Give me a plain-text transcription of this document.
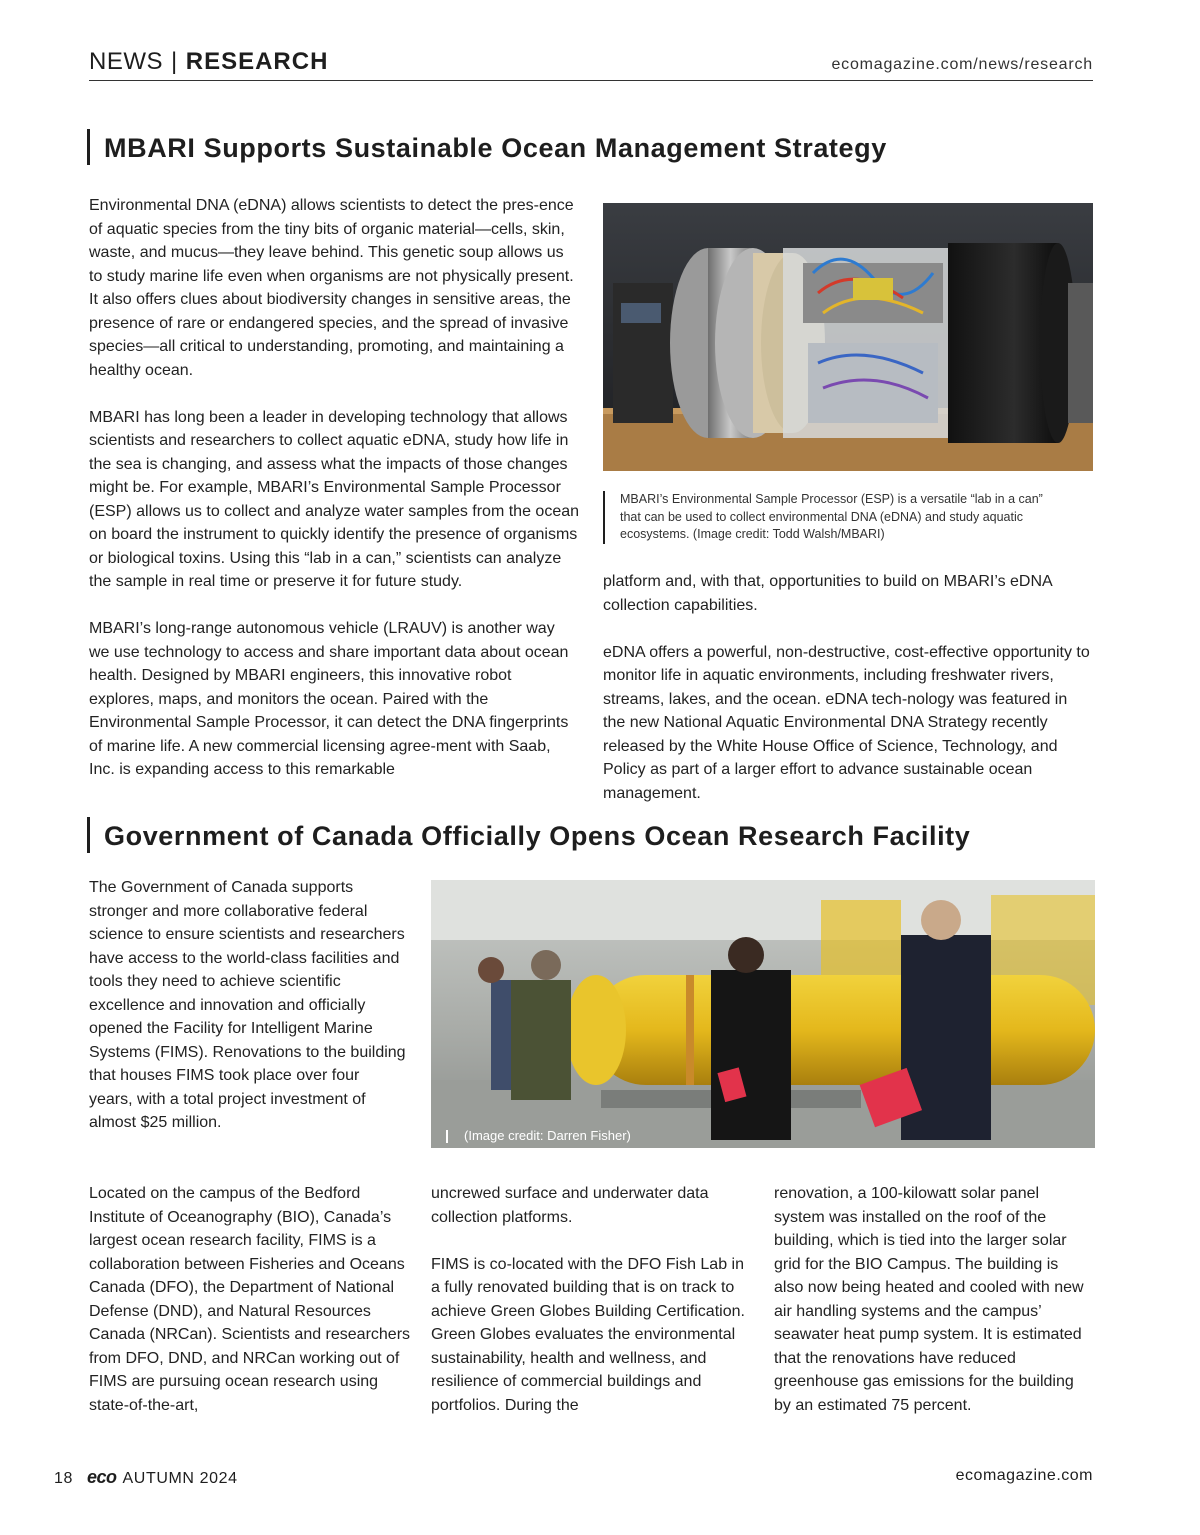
NEWS | RESEARCH	ecomagazine.com/news/research
MBARI Supports Sustainable Ocean Management Strategy

Environmental DNA (eDNA) allows scientists to detect the pres-ence of aquatic species from the tiny bits of organic material—cells, skin, waste, and mucus—they leave behind. This genetic soup allows us to study marine life even when organisms are not physically present. It also offers clues about biodiversity changes in sensitive areas, the presence of rare or endangered species, and the spread of invasive species—all critical to understanding, promoting, and maintaining a healthy ocean.

MBARI has long been a leader in developing technology that allows scientists and researchers to collect aquatic eDNA, study how life in the sea is changing, and assess what the impacts of those changes might be. For example, MBARI’s Environmental Sample Processor (ESP) allows us to collect and analyze water samples from the ocean on board the instrument to quickly identify the presence of organisms or biological toxins. Using this “lab in a can,” scientists can analyze the sample in real time or preserve it for future study.

MBARI’s long-range autonomous vehicle (LRAUV) is another way we use technology to access and share important data about ocean health. Designed by MBARI engineers, this innovative robot explores, maps, and monitors the ocean. Paired with the Environmental Sample Processor, it can detect the DNA fingerprints of marine life. A new commercial licensing agree-ment with Saab, Inc. is expanding access to this remarkable

MBARI’s Environmental Sample Processor (ESP) is a versatile “lab in a can” that can be used to collect environmental DNA (eDNA) and study aquatic ecosystems. (Image credit: Todd Walsh/MBARI)

platform and, with that, opportunities to build on MBARI’s eDNA collection capabilities.

eDNA offers a powerful, non-destructive, cost-effective opportunity to monitor life in aquatic environments, including freshwater rivers, streams, lakes, and the ocean. eDNA tech-nology was featured in the new National Aquatic Environmental DNA Strategy recently released by the White House Office of Science, Technology, and Policy as part of a larger effort to advance sustainable ocean management.

Government of Canada Officially Opens Ocean Research Facility

The Government of Canada supports stronger and more collaborative federal science to ensure scientists and researchers have access to the world-class facilities and tools they need to achieve scientific excellence and innovation and officially opened the Facility for Intelligent Marine Systems (FIMS). Renovations to the building that houses FIMS took place over four years, with a total project investment of almost $25 million.

(Image credit: Darren Fisher)

Located on the campus of the Bedford Institute of Oceanography (BIO), Canada’s largest ocean research facility, FIMS is a collaboration between Fisheries and Oceans Canada (DFO), the Department of National Defense (DND), and Natural Resources Canada (NRCan). Scientists and researchers from DFO, DND, and NRCan working out of FIMS are pursuing ocean research using state-of-the-art,

uncrewed surface and underwater data collection platforms.

FIMS is co-located with the DFO Fish Lab in a fully renovated building that is on track to achieve Green Globes Building Certification. Green Globes evaluates the environmental sustainability, health and wellness, and resilience of commercial buildings and portfolios. During the

renovation, a 100-kilowatt solar panel system was installed on the roof of the building, which is tied into the larger solar grid for the BIO Campus. The building is also now being heated and cooled with new air handling systems and the campus’ seawater heat pump system. It is estimated that the renovations have reduced greenhouse gas emissions for the building by an estimated 75 percent.

18 eco AUTUMN 2024	ecomagazine.com
